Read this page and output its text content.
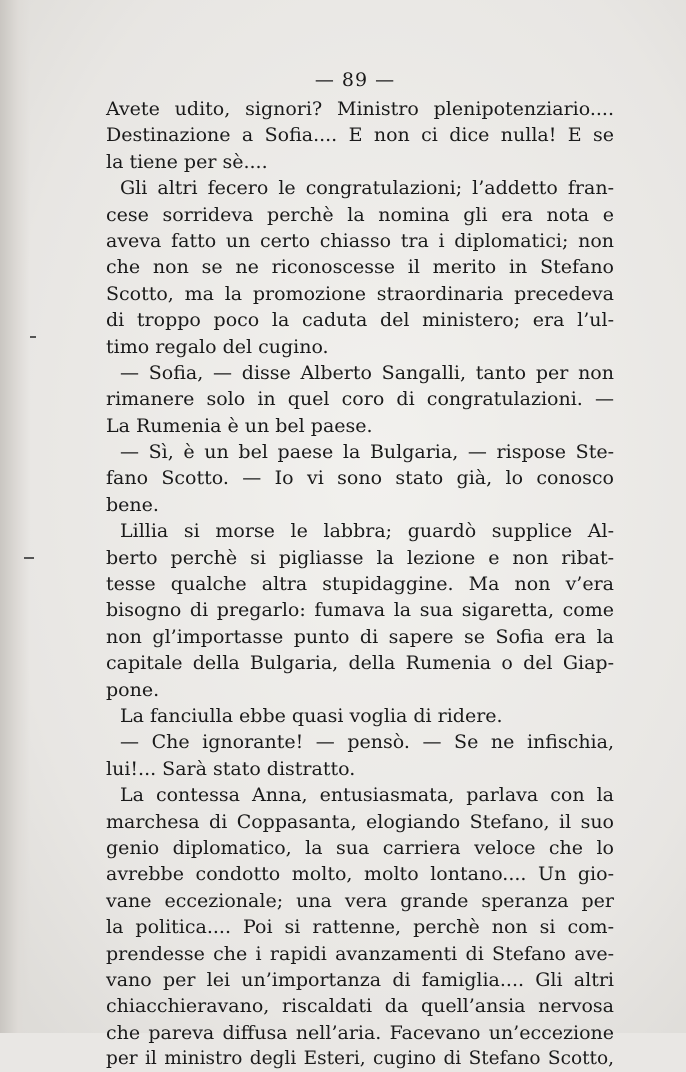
— 89 —
Avete udito, signori? Ministro plenipotenziario....
Destinazione a Sofia.... E non ci dice nulla! E se
la tiene per sè....
Gli altri fecero le congratulazioni; l’addetto fran-
cese sorrideva perchè la nomina gli era nota e
aveva fatto un certo chiasso tra i diplomatici; non
che non se ne riconoscesse il merito in Stefano
Scotto, ma la promozione straordinaria precedeva
di troppo poco la caduta del ministero; era l’ul-
timo regalo del cugino.
— Sofia, — disse Alberto Sangalli, tanto per non
rimanere solo in quel coro di congratulazioni. —
La Rumenia è un bel paese.
— Sì, è un bel paese la Bulgaria, — rispose Ste-
fano Scotto. — Io vi sono stato già, lo conosco
bene.
Lillia si morse le labbra; guardò supplice Al-
berto perchè si pigliasse la lezione e non ribat-
tesse qualche altra stupidaggine. Ma non v’era
bisogno di pregarlo: fumava la sua sigaretta, come
non gl’importasse punto di sapere se Sofia era la
capitale della Bulgaria, della Rumenia o del Giap-
pone.
La fanciulla ebbe quasi voglia di ridere.
— Che ignorante! — pensò. — Se ne infischia,
lui!... Sarà stato distratto.
La contessa Anna, entusiasmata, parlava con la
marchesa di Coppasanta, elogiando Stefano, il suo
genio diplomatico, la sua carriera veloce che lo
avrebbe condotto molto, molto lontano.... Un gio-
vane eccezionale; una vera grande speranza per
la politica.... Poi si rattenne, perchè non si com-
prendesse che i rapidi avanzamenti di Stefano ave-
vano per lei un’importanza di famiglia.... Gli altri
chiacchieravano, riscaldati da quell’ansia nervosa
che pareva diffusa nell’aria. Facevano un’eccezione
per il ministro degli Esteri, cugino di Stefano Scotto,
